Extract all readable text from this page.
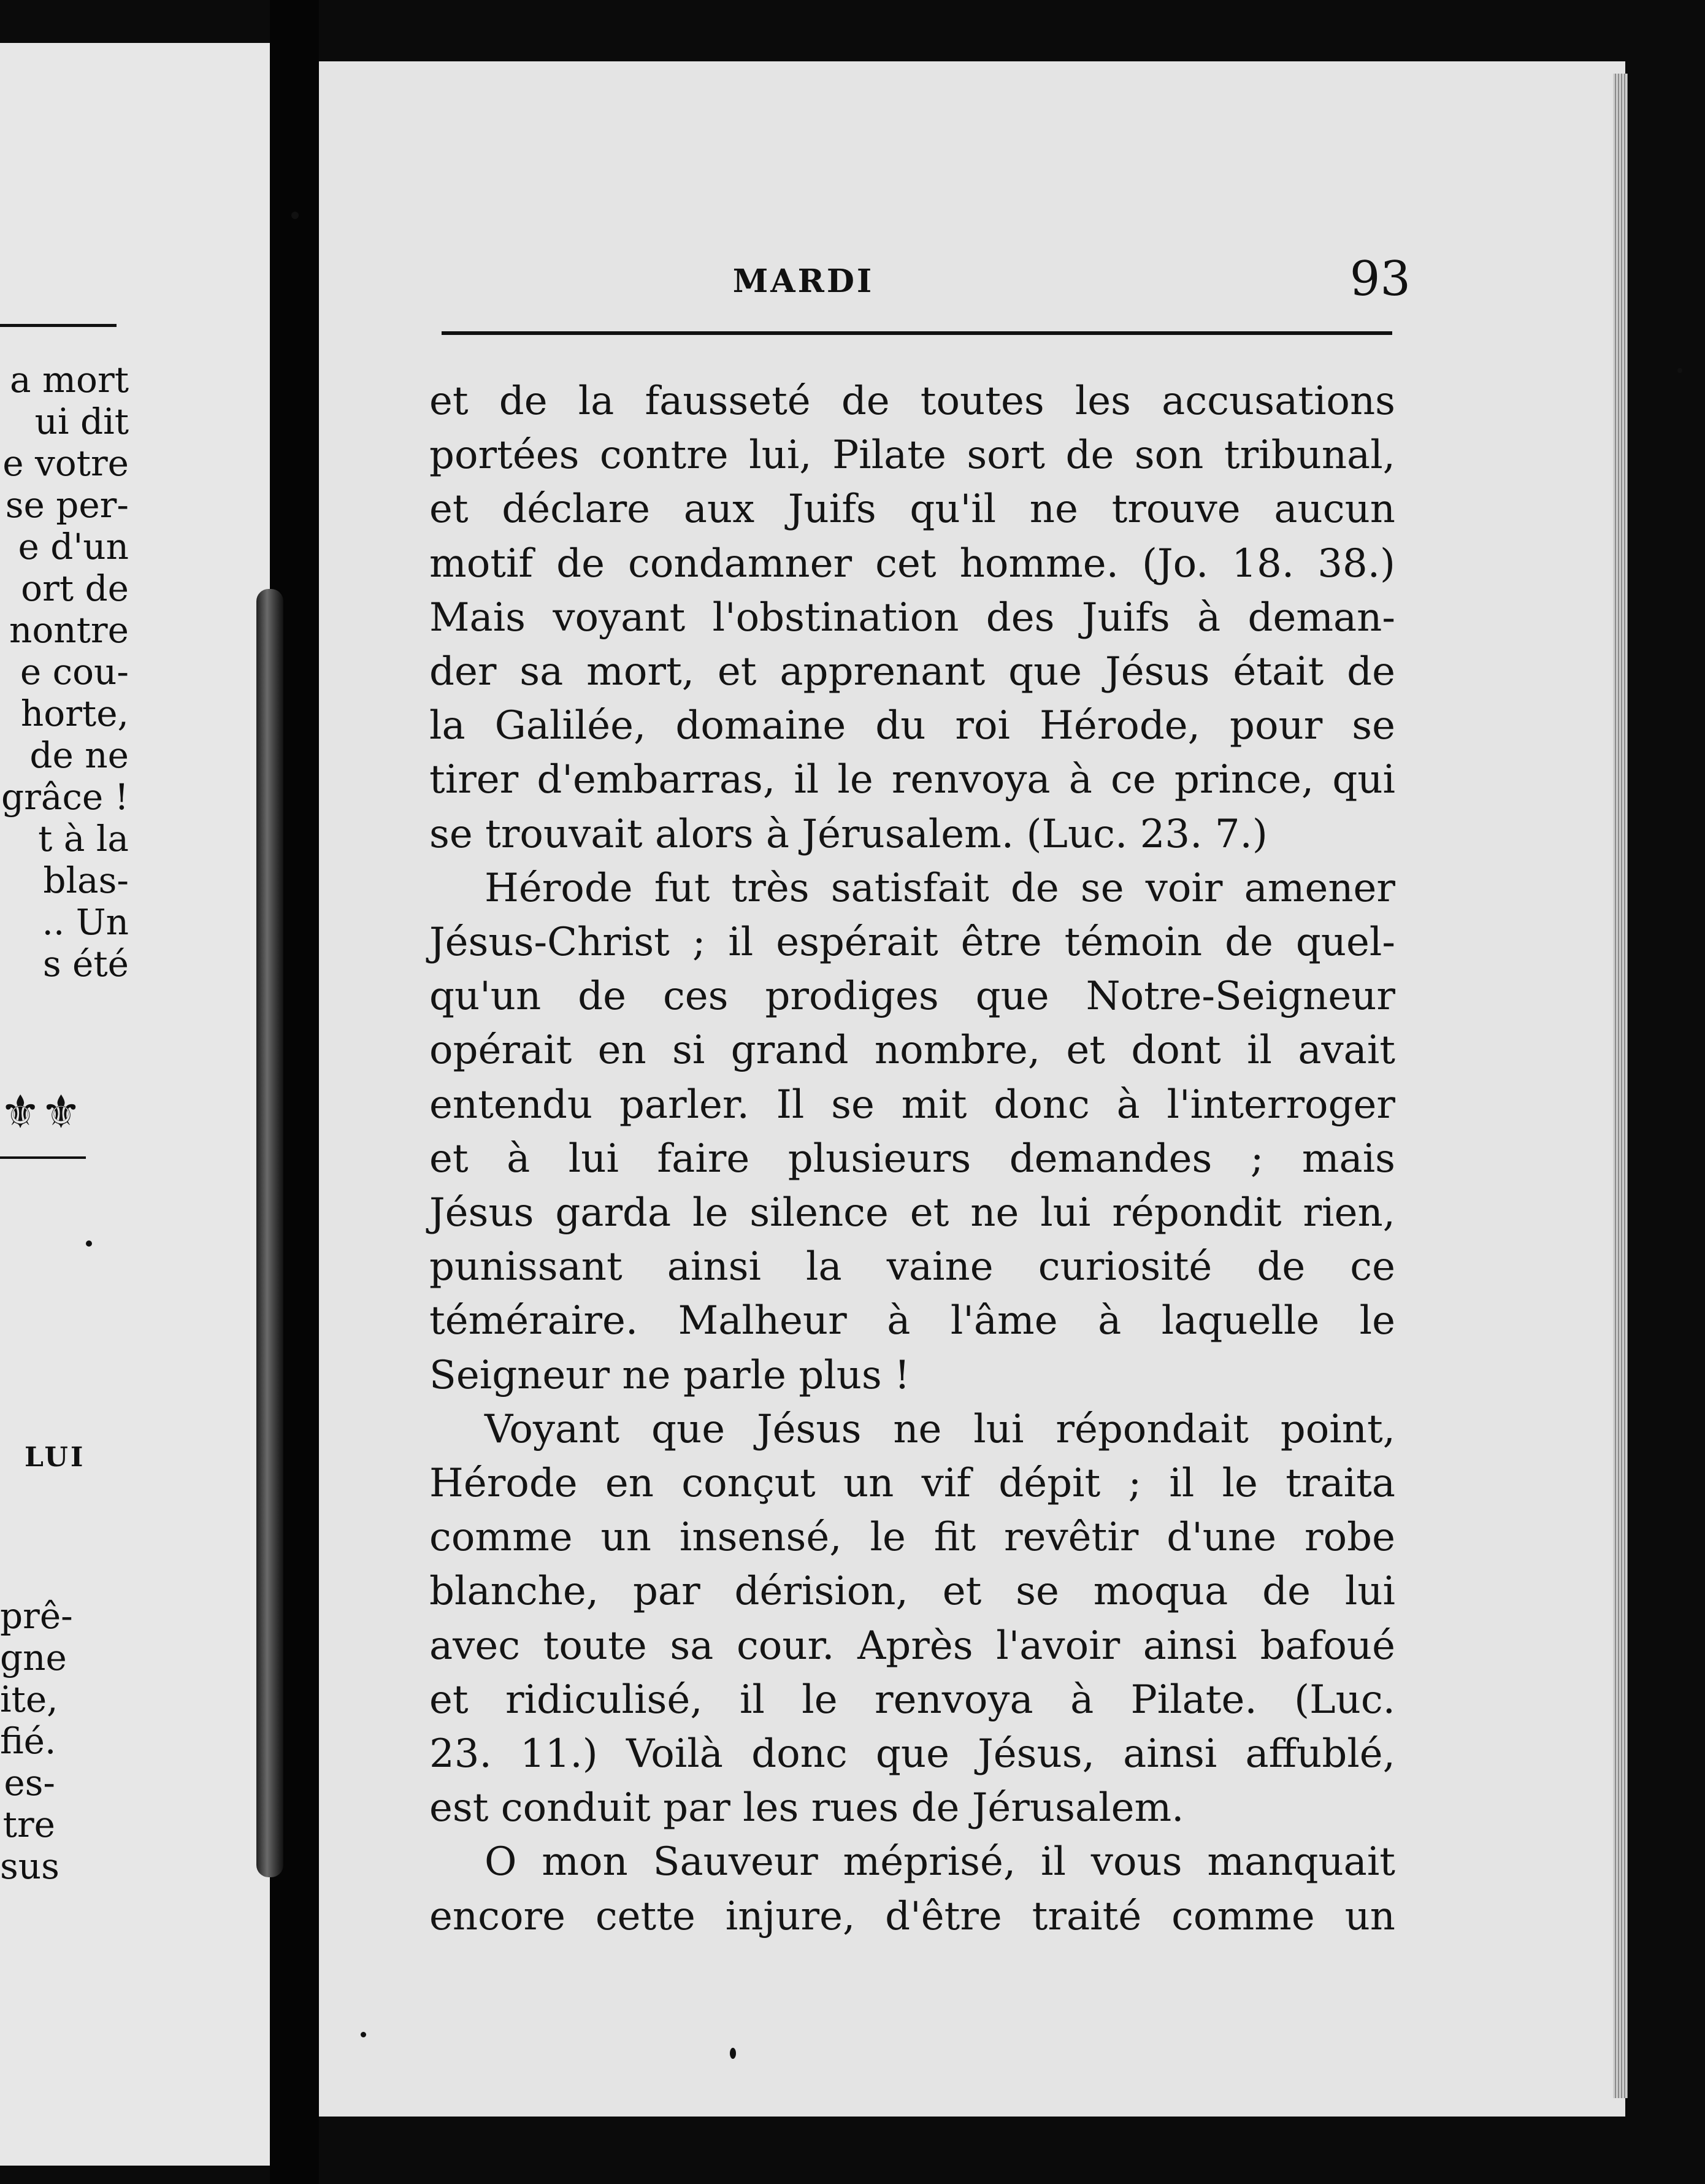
a mort
ui dit
e votre
se per-
e d'un
ort de
nontre
e cou-
horte,
de ne
grâce !
t à la
blas-
.. Un
s été
⚜⚜
LUI
prê-
gne
ite,
fié.
es-
tre
sus
MARDI	93
et de la fausseté de toutes les accusations
portées contre lui, Pilate sort de son tribunal,
et déclare aux Juifs qu'il ne trouve aucun
motif de condamner cet homme. (Jo. 18. 38.)
Mais voyant l'obstination des Juifs à deman-
der sa mort, et apprenant que Jésus était de
la Galilée, domaine du roi Hérode, pour se
tirer d'embarras, il le renvoya à ce prince, qui
se trouvait alors à Jérusalem. (Luc. 23. 7.)
Hérode fut très satisfait de se voir amener
Jésus-Christ ; il espérait être témoin de quel-
qu'un de ces prodiges que Notre-Seigneur
opérait en si grand nombre, et dont il avait
entendu parler. Il se mit donc à l'interroger
et à lui faire plusieurs demandes ; mais
Jésus garda le silence et ne lui répondit rien,
punissant ainsi la vaine curiosité de ce
téméraire. Malheur à l'âme à laquelle le
Seigneur ne parle plus !
Voyant que Jésus ne lui répondait point,
Hérode en conçut un vif dépit ; il le traita
comme un insensé, le fit revêtir d'une robe
blanche, par dérision, et se moqua de lui
avec toute sa cour. Après l'avoir ainsi bafoué
et ridiculisé, il le renvoya à Pilate. (Luc.
23. 11.) Voilà donc que Jésus, ainsi affublé,
est conduit par les rues de Jérusalem.
O mon Sauveur méprisé, il vous manquait
encore cette injure, d'être traité comme un
